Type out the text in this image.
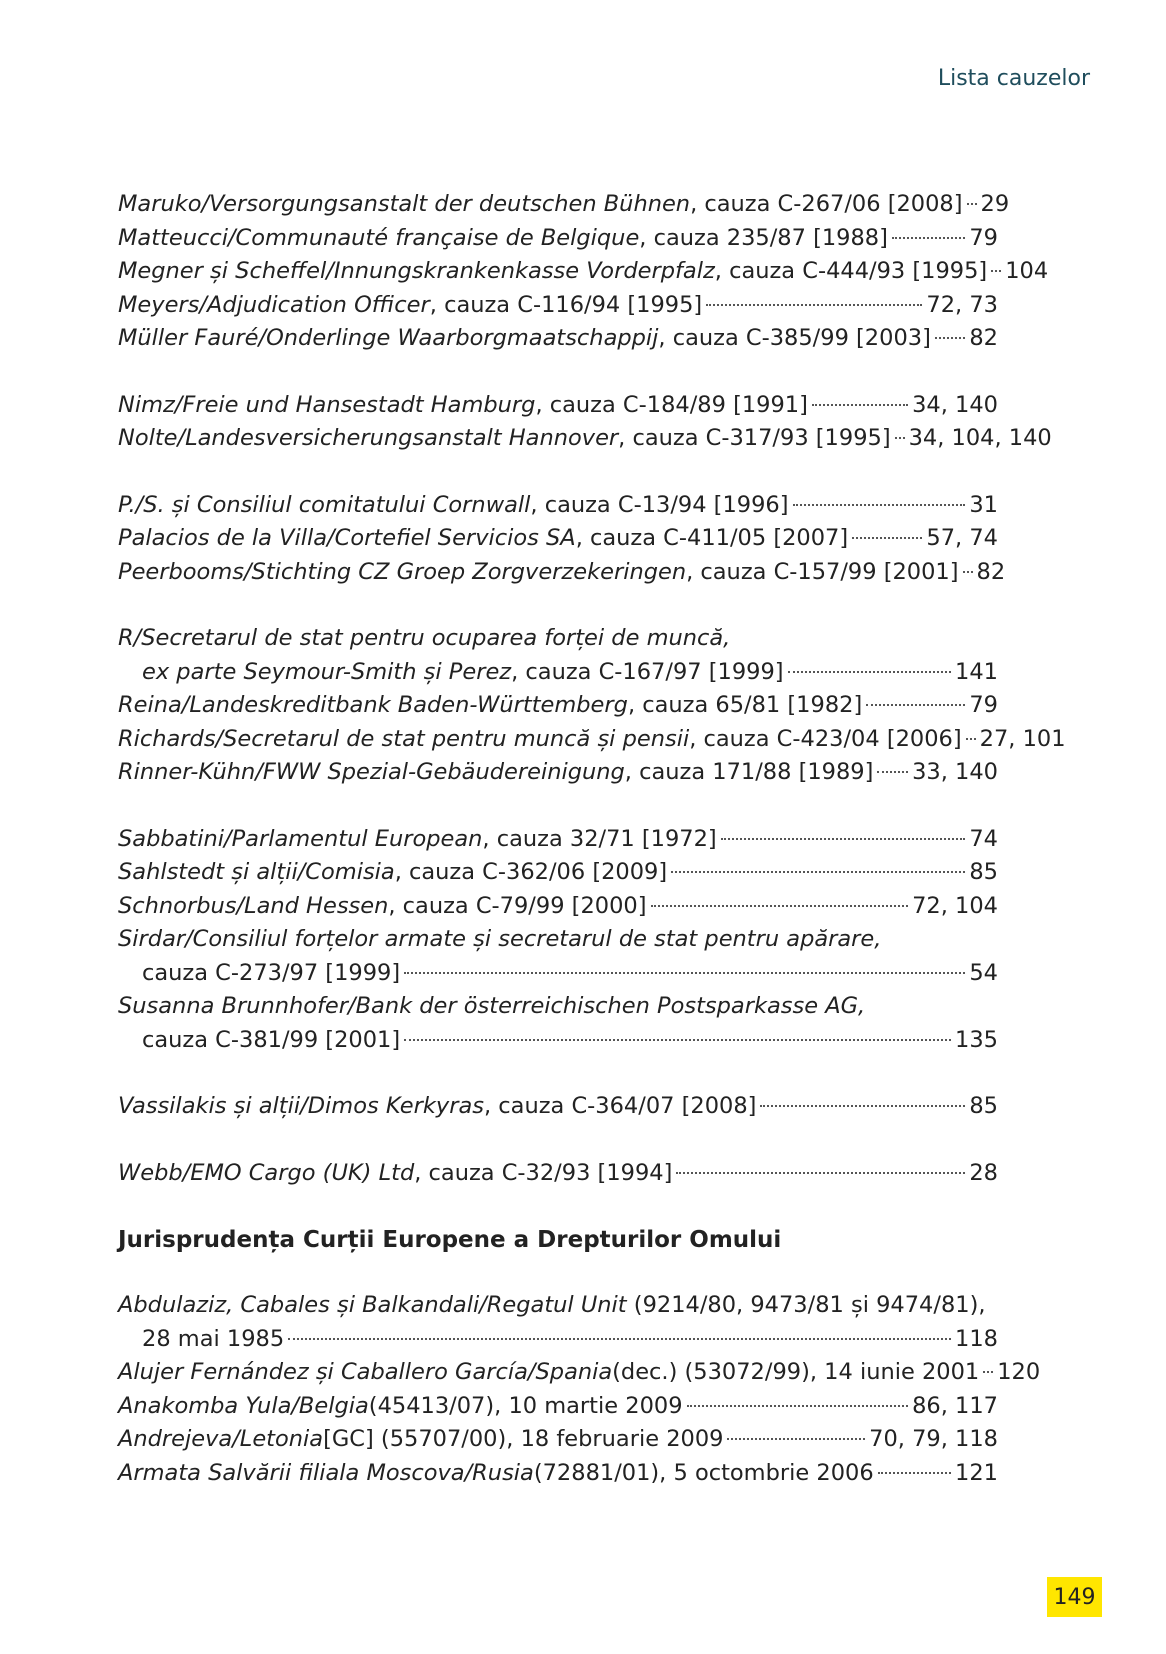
Lista cauzelor
Maruko/Versorgungsanstalt der deutschen Bühnen , cauza C-267/06 [2008] 29
Matteucci/Communauté française de Belgique , cauza 235/87 [1988]	79
Megner și Scheffel/Innungskrankenkasse Vorderpfalz , cauza C-444/93 [1995] 104
Meyers/Adjudication Officer , cauza C-116/94 [1995]	72, 73
Müller Fauré/Onderlinge Waarborgmaatschappij , cauza C-385/99 [2003] 82
Nimz/Freie und Hansestadt Hamburg , cauza C-184/89 [1991]	34, 140
Nolte/Landesversicherungsanstalt Hannover , cauza C-317/93 [1995] 34, 104, 140
P./S. și Consiliul comitatului Cornwall , cauza C-13/94 [1996]	31
Palacios de la Villa/Cortefiel Servicios SA , cauza C-411/05 [2007]	57, 74
Peerbooms/Stichting CZ Groep Zorgverzekeringen , cauza C-157/99 [2001] 82
R/Secretarul de stat pentru ocuparea forței de muncă,
ex parte Seymour-Smith și Perez , cauza C-167/97 [1999]	141
Reina/Landeskreditbank Baden-Württemberg , cauza 65/81 [1982]	79
Richards/Secretarul de stat pentru muncă și pensii , cauza C-423/04 [2006] 27, 101
Rinner-Kühn/FWW Spezial-Gebäudereinigung , cauza 171/88 [1989] 33, 140
Sabbatini/Parlamentul European , cauza 32/71 [1972]	74
Sahlstedt și alții/Comisia , cauza C-362/06 [2009]	85
Schnorbus/Land Hessen , cauza C-79/99 [2000]	72, 104
Sirdar/Consiliul forțelor armate și secretarul de stat pentru apărare,
cauza C-273/97 [1999]	54
Susanna Brunnhofer/Bank der österreichischen Postsparkasse AG,
cauza C-381/99 [2001]	135
Vassilakis și alții/Dimos Kerkyras , cauza C-364/07 [2008]	85
Webb/EMO Cargo (UK) Ltd , cauza C-32/93 [1994]	28
Jurisprudența Curții Europene a Drepturilor Omului
Abdulaziz, Cabales și Balkandali/Regatul Unit (9214/80, 9473/81 și 9474/81),
28 mai 1985	118
Alujer Fernández și Caballero García/Spania (dec.) (53072/99), 14 iunie 2001 120
Anakomba Yula/Belgia (45413/07), 10 martie 2009	86, 117
Andrejeva/Letonia [GC] (55707/00), 18 februarie 2009	70, 79, 118
Armata Salvării filiala Moscova/Rusia (72881/01), 5 octombrie 2006	121
149
